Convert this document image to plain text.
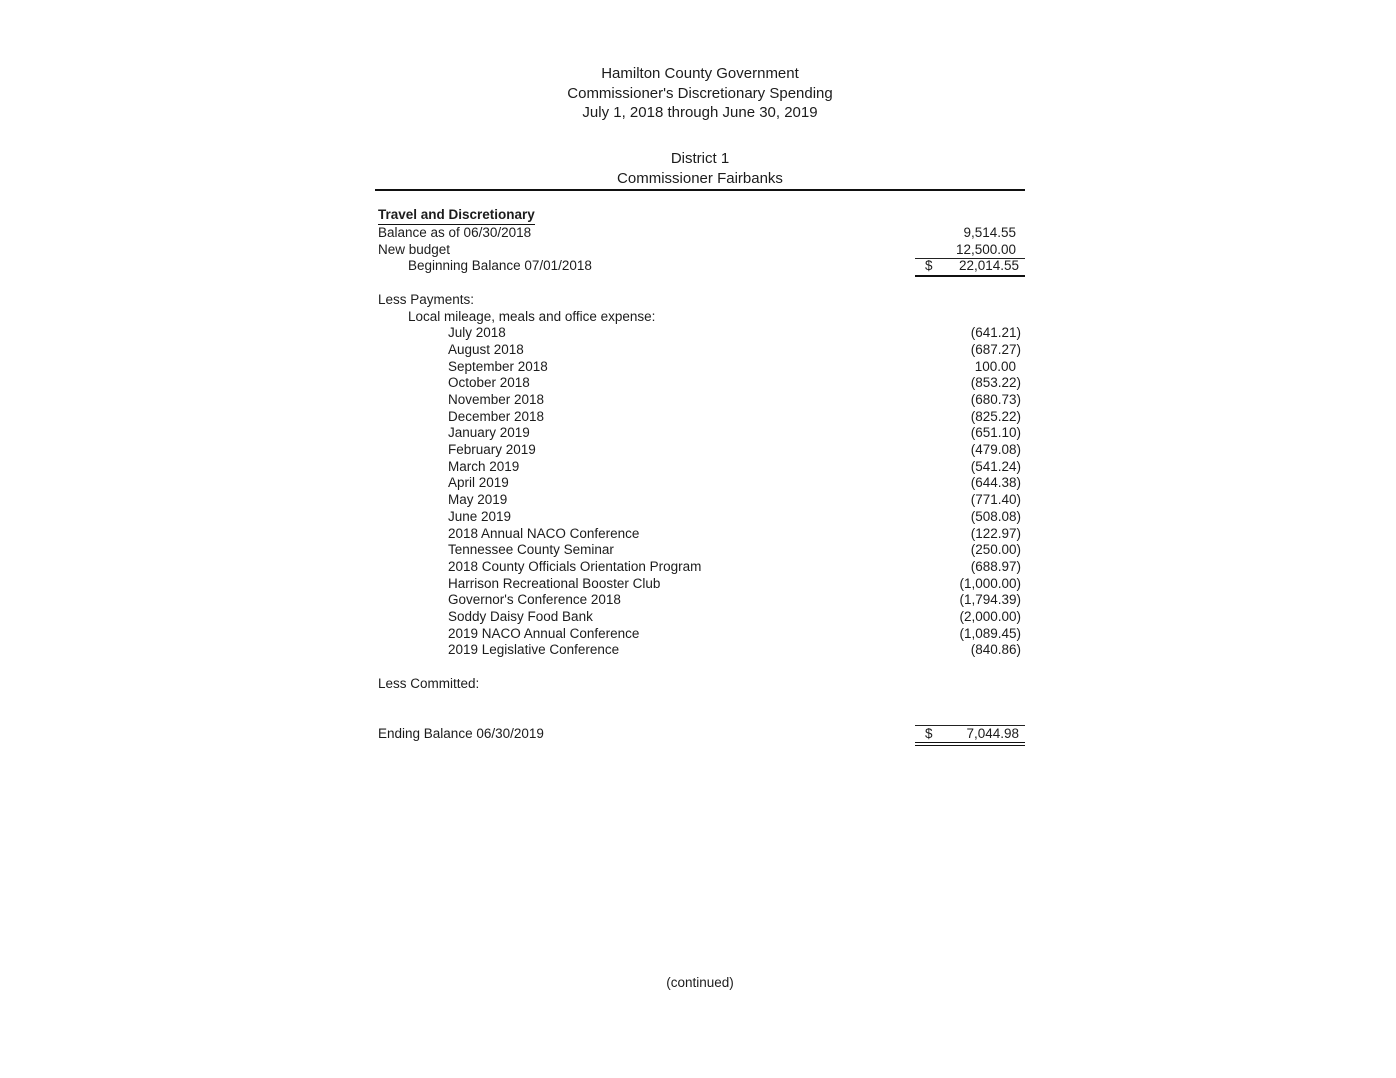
Hamilton County Government
Commissioner's Discretionary Spending
July 1, 2018 through June 30, 2019
District 1
Commissioner Fairbanks
Travel and Discretionary
Balance as of 06/30/2018	9,514.55
New budget	12,500.00
Beginning Balance 07/01/2018	$ 22,014.55
Less Payments:
Local mileage, meals and office expense:
July 2018	(641.21)
August 2018	(687.27)
September 2018	100.00
October 2018	(853.22)
November 2018	(680.73)
December 2018	(825.22)
January 2019	(651.10)
February 2019	(479.08)
March 2019	(541.24)
April 2019	(644.38)
May 2019	(771.40)
June 2019	(508.08)
2018 Annual NACO Conference	(122.97)
Tennessee County Seminar	(250.00)
2018 County Officials Orientation Program	(688.97)
Harrison Recreational Booster Club	(1,000.00)
Governor's Conference 2018	(1,794.39)
Soddy Daisy Food Bank	(2,000.00)
2019 NACO Annual Conference	(1,089.45)
2019 Legislative Conference	(840.86)
Less Committed:
Ending Balance 06/30/2019	$	7,044.98
(continued)
